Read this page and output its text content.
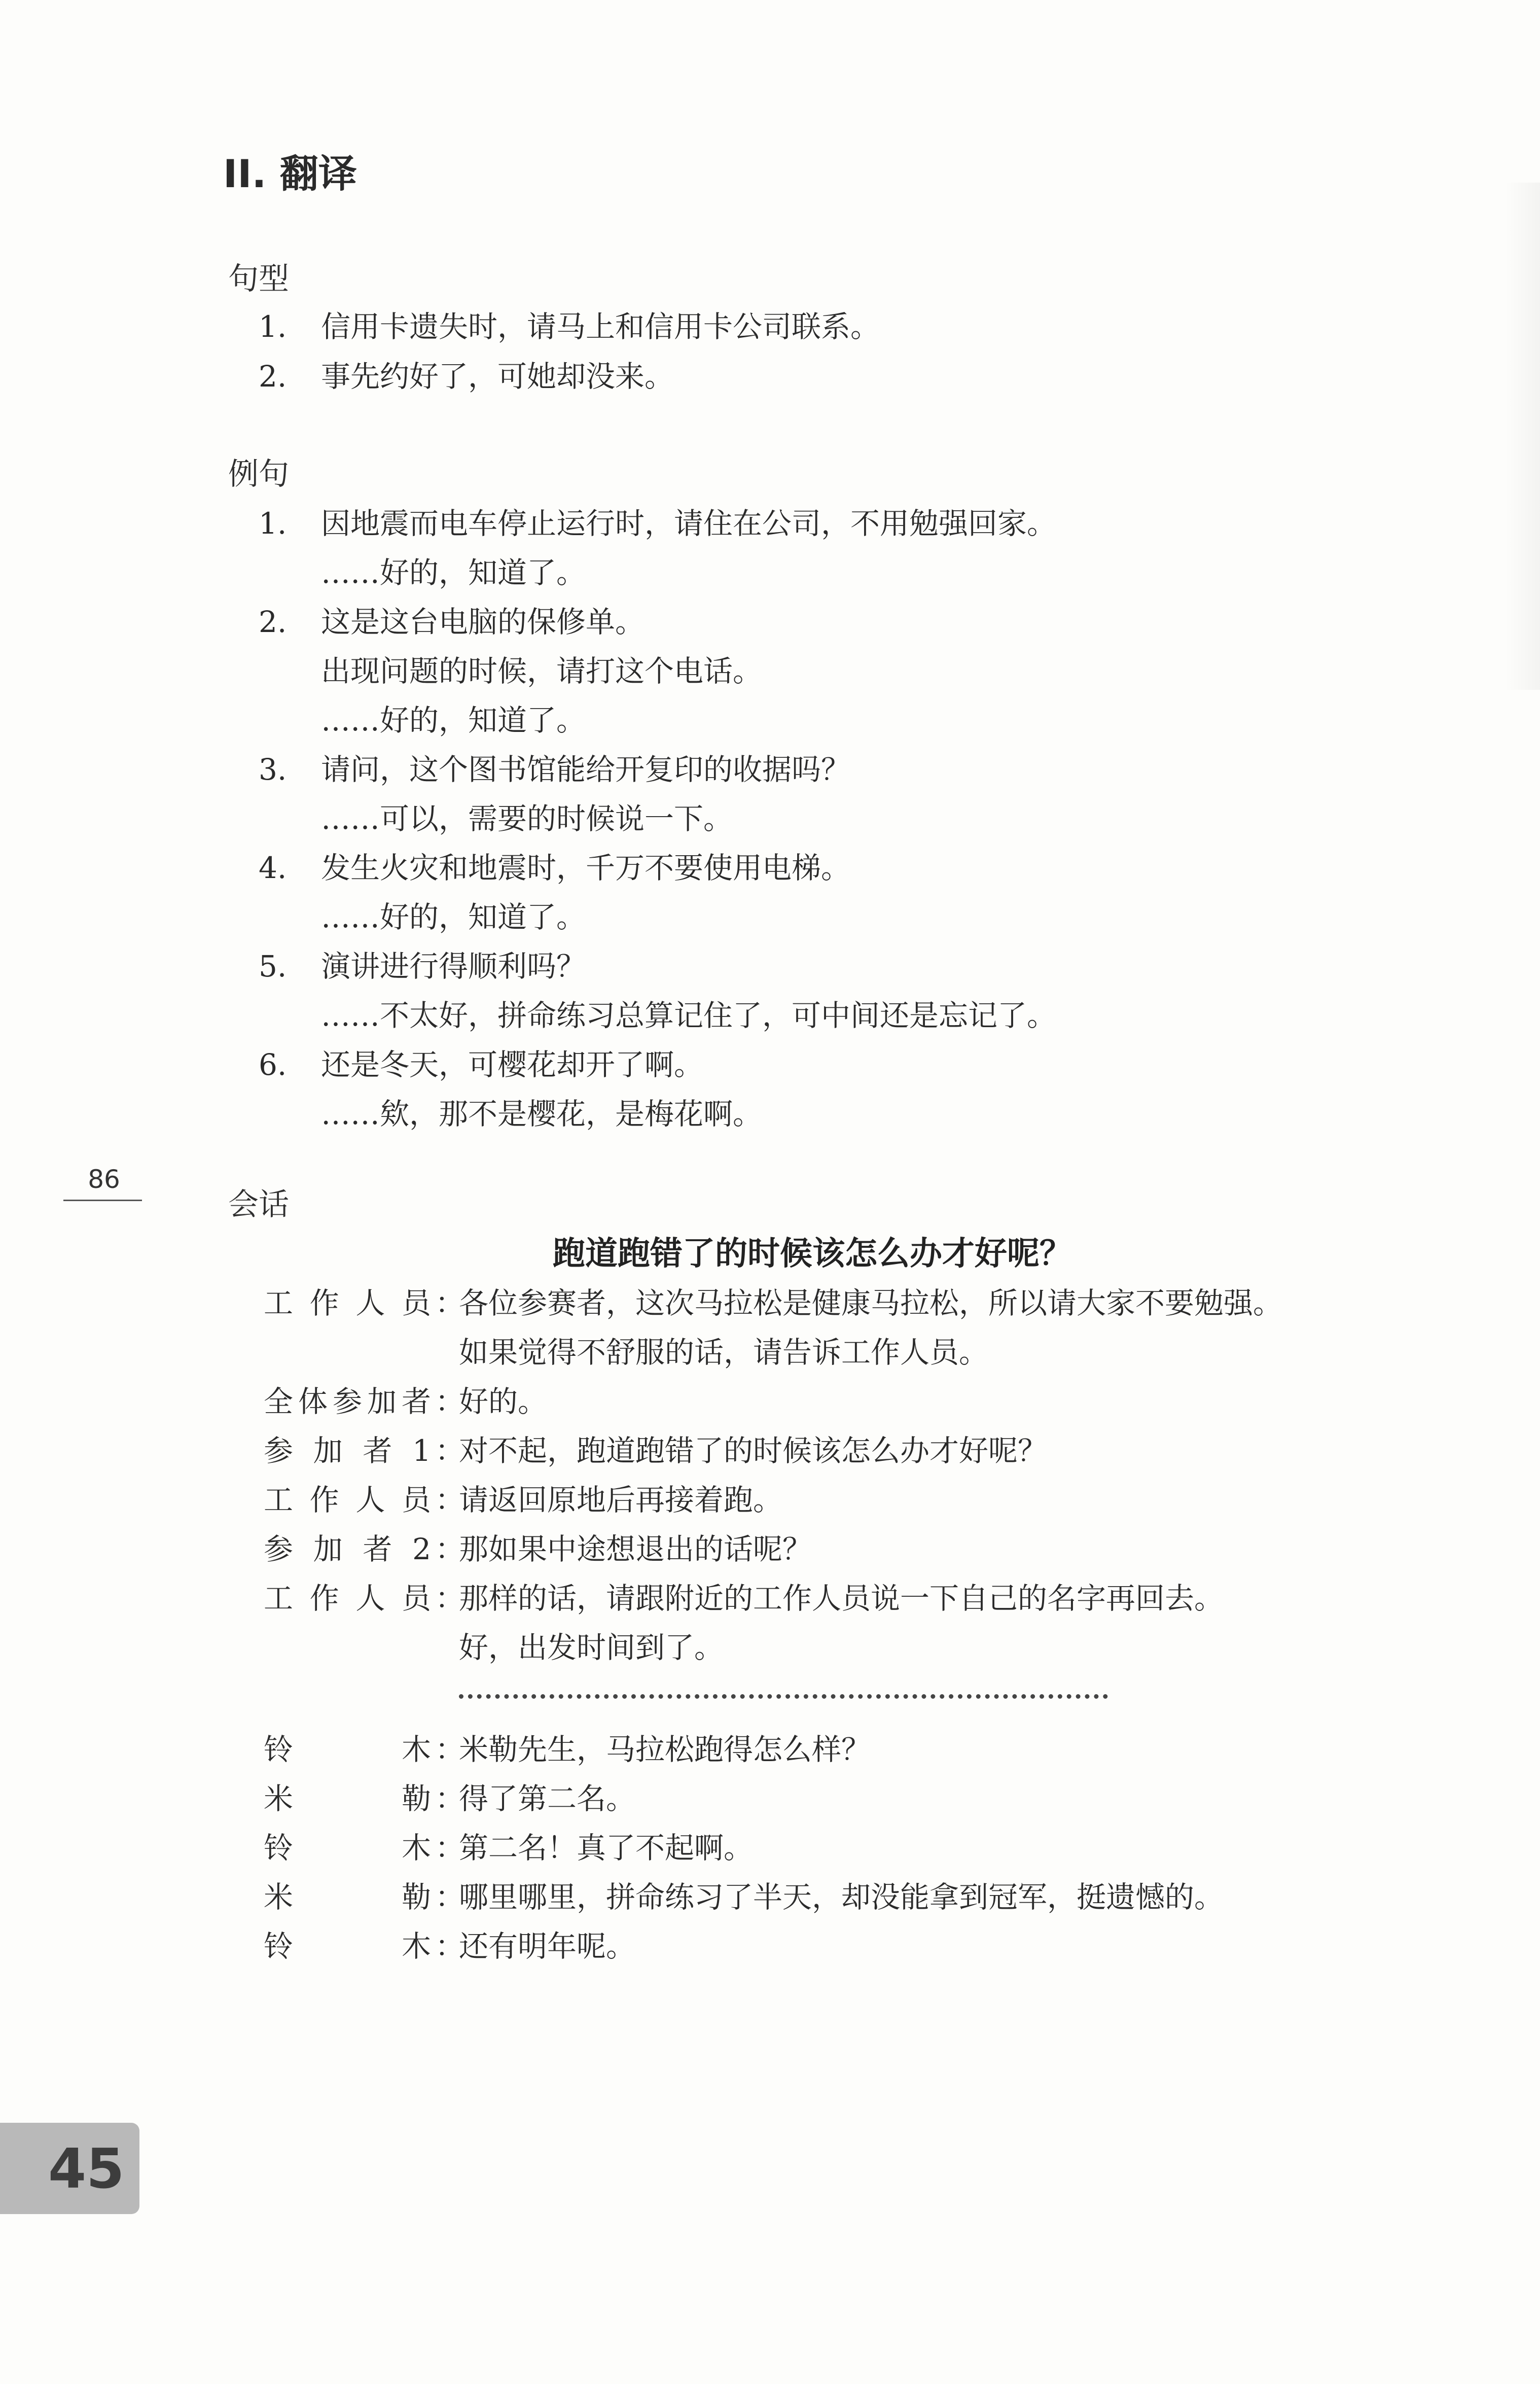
II. 翻译
句型
1. 信用卡遗失时，请马上和信用卡公司联系。
2. 事先约好了，可她却没来。
例句
1. 因地震而电车停止运行时，请住在公司，不用勉强回家。
……好的，知道了。
2. 这是这台电脑的保修单。
出现问题的时候，请打这个电话。
……好的，知道了。
3. 请问，这个图书馆能给开复印的收据吗？
……可以，需要的时候说一下。
4. 发生火灾和地震时，千万不要使用电梯。
……好的，知道了。
5. 演讲进行得顺利吗？
……不太好，拼命练习总算记住了，可中间还是忘记了。
6. 还是冬天，可樱花却开了啊。
……欸，那不是樱花，是梅花啊。
86
会话
跑道跑错了的时候该怎么办才好呢？
工作人员 ：
各位参赛者，这次马拉松是健康马拉松，所以请大家不要勉强。
如果觉得不舒服的话，请告诉工作人员。
全体参加者 ：
好的。
参加者1 ：
对不起，跑道跑错了的时候该怎么办才好呢？
工作人员 ：
请返回原地后再接着跑。
参加者2 ：
那如果中途想退出的话呢？
工作人员 ：
那样的话，请跟附近的工作人员说一下自己的名字再回去。
好，出发时间到了。
铃木 ：
米勒先生，马拉松跑得怎么样？
米勒 ：
得了第二名。
铃木 ：
第二名！真了不起啊。
米勒 ：
哪里哪里，拼命练习了半天，却没能拿到冠军，挺遗憾的。
铃木 ：
还有明年呢。
45
